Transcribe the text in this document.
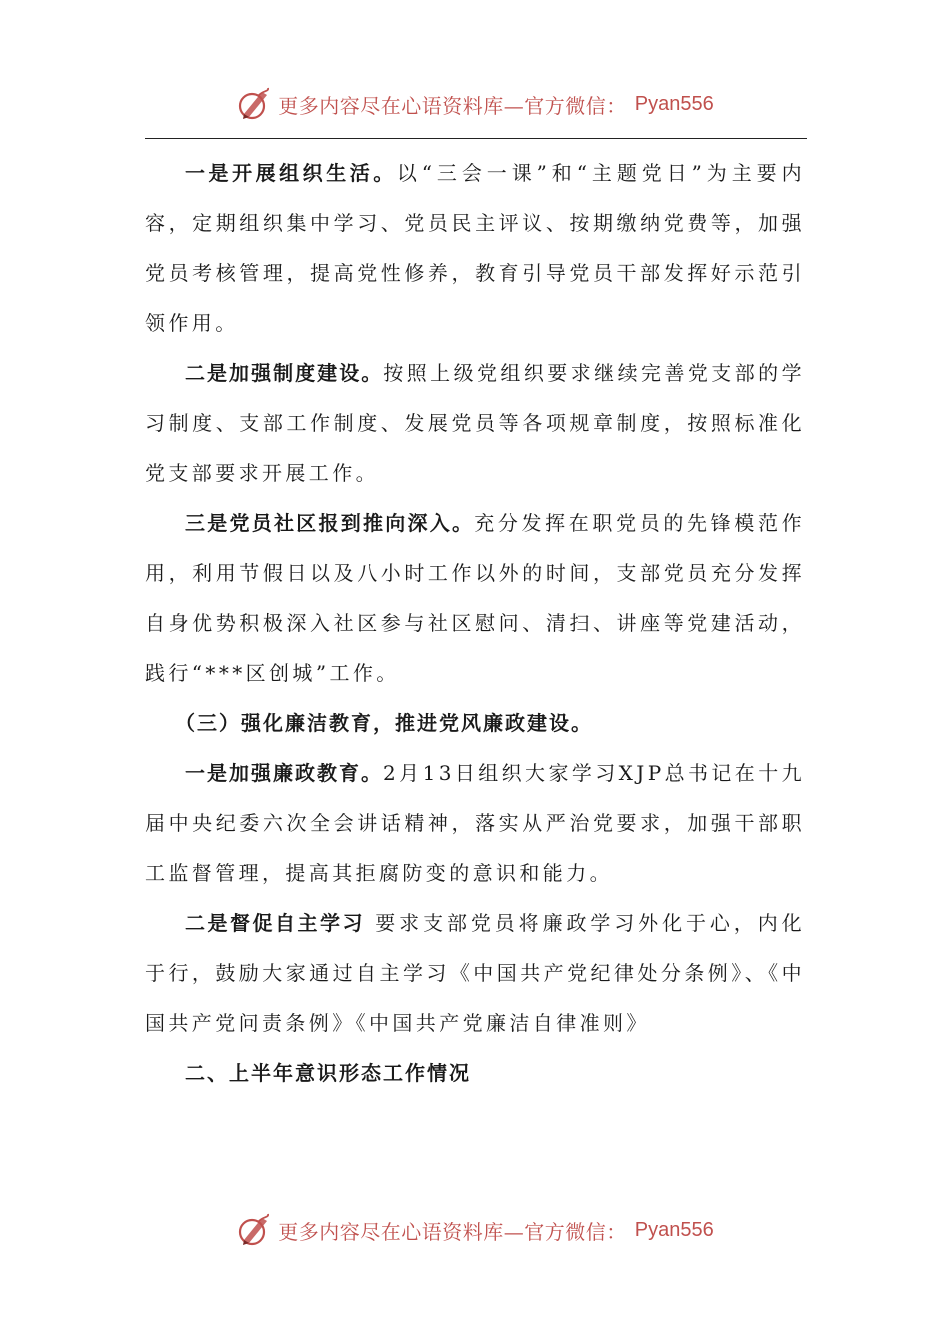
更多内容尽在心语资料库—官方微信： Pyan556

一是开展组织生活。以“三会一课”和“主题党日”为主要内容，定期组织集中学习、党员民主评议、按期缴纳党费等，加强党员考核管理，提高党性修养，教育引导党员干部发挥好示范引领作用。

二是加强制度建设。按照上级党组织要求继续完善党支部的学习制度、支部工作制度、发展党员等各项规章制度，按照标准化党支部要求开展工作。

三是党员社区报到推向深入。充分发挥在职党员的先锋模范作用，利用节假日以及八小时工作以外的时间，支部党员充分发挥自身优势积极深入社区参与社区慰问、清扫、讲座等党建活动，践行“***区创城”工作。

（三）强化廉洁教育，推进党风廉政建设。

一是加强廉政教育。2月13日组织大家学习XJP总书记在十九届中央纪委六次全会讲话精神，落实从严治党要求，加强干部职工监督管理，提高其拒腐防变的意识和能力。

二是督促自主学习 要求支部党员将廉政学习外化于心，内化于行，鼓励大家通过自主学习《中国共产党纪律处分条例》、《中国共产党问责条例》《中国共产党廉洁自律准则》

二、上半年意识形态工作情况

更多内容尽在心语资料库—官方微信： Pyan556
